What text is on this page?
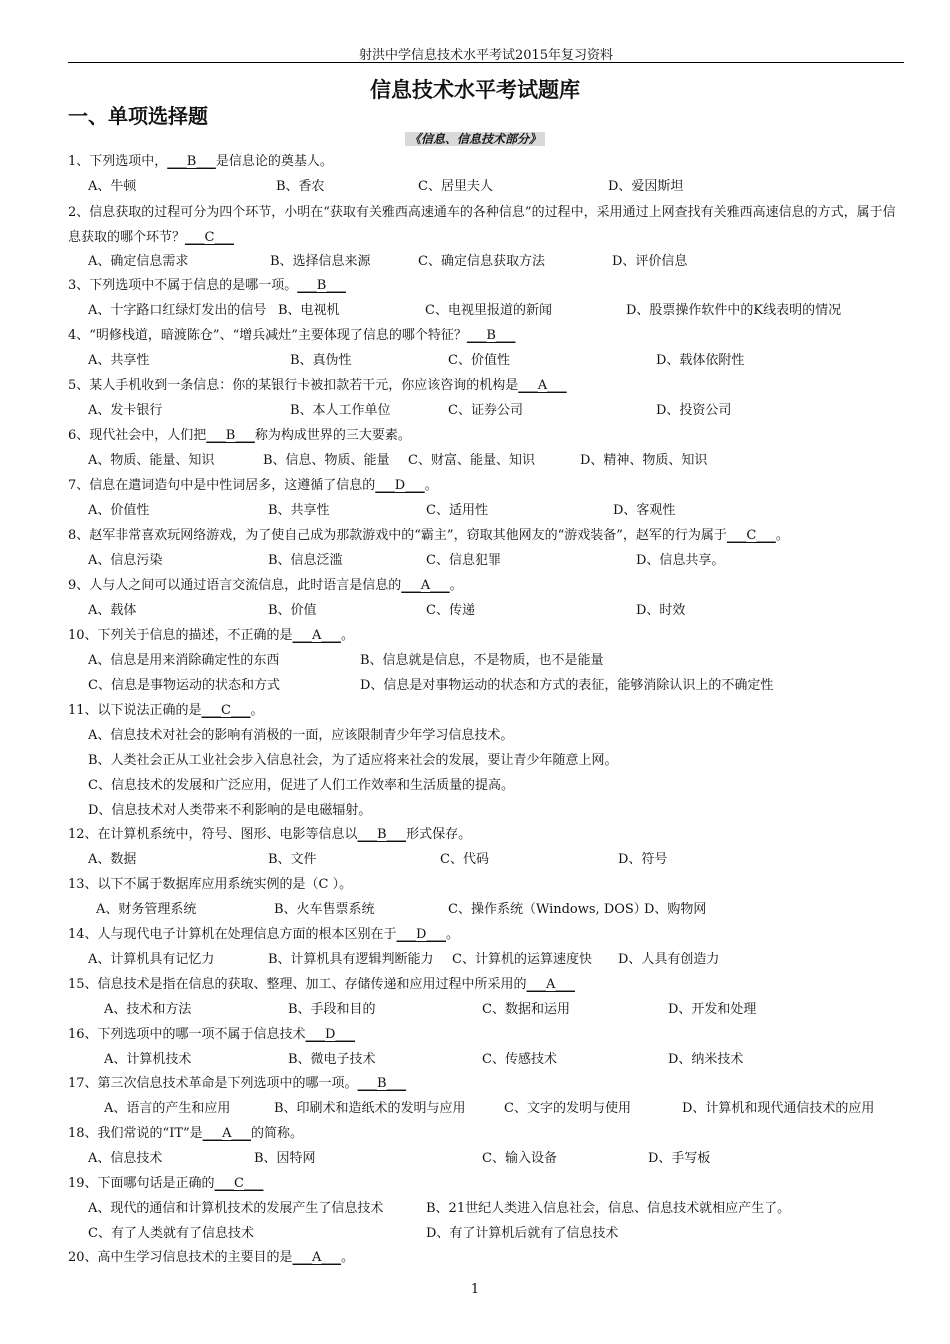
射洪中学信息技术水平考试2015年复习资料
信息技术水平考试题库
一、单项选择题
《信息、信息技术部分》
1、下列选项中，___B___是信息论的奠基人。
A、牛顿	B、香农	C、居里夫人	D、爱因斯坦
2、信息获取的过程可分为四个环节，小明在“获取有关雅西高速通车的各种信息”的过程中，采用通过上网查找有关雅西高速信息的方式，属于信息获取的哪个环节？___C___
A、确定信息需求	B、选择信息来源	C、确定信息获取方法	D、评价信息
3、下列选项中不属于信息的是哪一项。___B___
A、十字路口红绿灯发出的信号 B、电视机	C、电视里报道的新闻	D、股票操作软件中的K线表明的情况
4、“明修栈道，暗渡陈仓”、“增兵减灶”主要体现了信息的哪个特征？___B___
A、共享性	B、真伪性	C、价值性	D、载体依附性
5、某人手机收到一条信息：你的某银行卡被扣款若干元，你应该咨询的机构是___A___
A、发卡银行	B、本人工作单位	C、证券公司	D、投资公司
6、现代社会中，人们把___B___称为构成世界的三大要素。
A、物质、能量、知识	B、信息、物质、能量 C、财富、能量、知识	D、精神、物质、知识
7、信息在遣词造句中是中性词居多，这遵循了信息的___D___。
A、价值性	B、共享性	C、适用性	D、客观性
8、赵军非常喜欢玩网络游戏，为了使自己成为那款游戏中的“霸主”，窃取其他网友的“游戏装备”，赵军的行为属于___C___。
A、信息污染	B、信息泛滥	C、信息犯罪	D、信息共享。
9、人与人之间可以通过语言交流信息，此时语言是信息的___A___。
A、载体	B、价值	C、传递	D、时效
10、下列关于信息的描述，不正确的是___A___。
A、信息是用来消除确定性的东西	B、信息就是信息，不是物质，也不是能量
C、信息是事物运动的状态和方式	D、信息是对事物运动的状态和方式的表征，能够消除认识上的不确定性
11、以下说法正确的是___C___。
A、信息技术对社会的影响有消极的一面，应该限制青少年学习信息技术。
B、人类社会正从工业社会步入信息社会，为了适应将来社会的发展，要让青少年随意上网。
C、信息技术的发展和广泛应用，促进了人们工作效率和生活质量的提高。
D、信息技术对人类带来不利影响的是电磁辐射。
12、在计算机系统中，符号、图形、电影等信息以___B___形式保存。
A、数据	B、文件	C、代码	D、符号
13、以下不属于数据库应用系统实例的是（C ）。
A、财务管理系统	B、火车售票系统	C、操作系统（Windows, DOS）
D、购物网
14、人与现代电子计算机在处理信息方面的根本区别在于___D___。
A、计算机具有记忆力	B、计算机具有逻辑判断能力 C、计算机的运算速度快 D、人具有创造力
15、信息技术是指在信息的获取、整理、加工、存储传递和应用过程中所采用的___A___
A、技术和方法	B、手段和目的	C、数据和运用	D、开发和处理
16、下列选项中的哪一项不属于信息技术___D___
A、计算机技术	B、微电子技术	C、传感技术	D、纳米技术
17、第三次信息技术革命是下列选项中的哪一项。___B___
A、语言的产生和应用	B、印刷术和造纸术的发明与应用	C、文字的发明与使用	D、计算机和现代通信技术的应用
18、我们常说的“IT”是___A___的简称。
A、信息技术	B、因特网	C、输入设备	D、手写板
19、下面哪句话是正确的___C___
A、现代的通信和计算机技术的发展产生了信息技术	B、21世纪人类进入信息社会，信息、信息技术就相应产生了。
C、有了人类就有了信息技术	D、有了计算机后就有了信息技术
20、高中生学习信息技术的主要目的是___A___。
1
